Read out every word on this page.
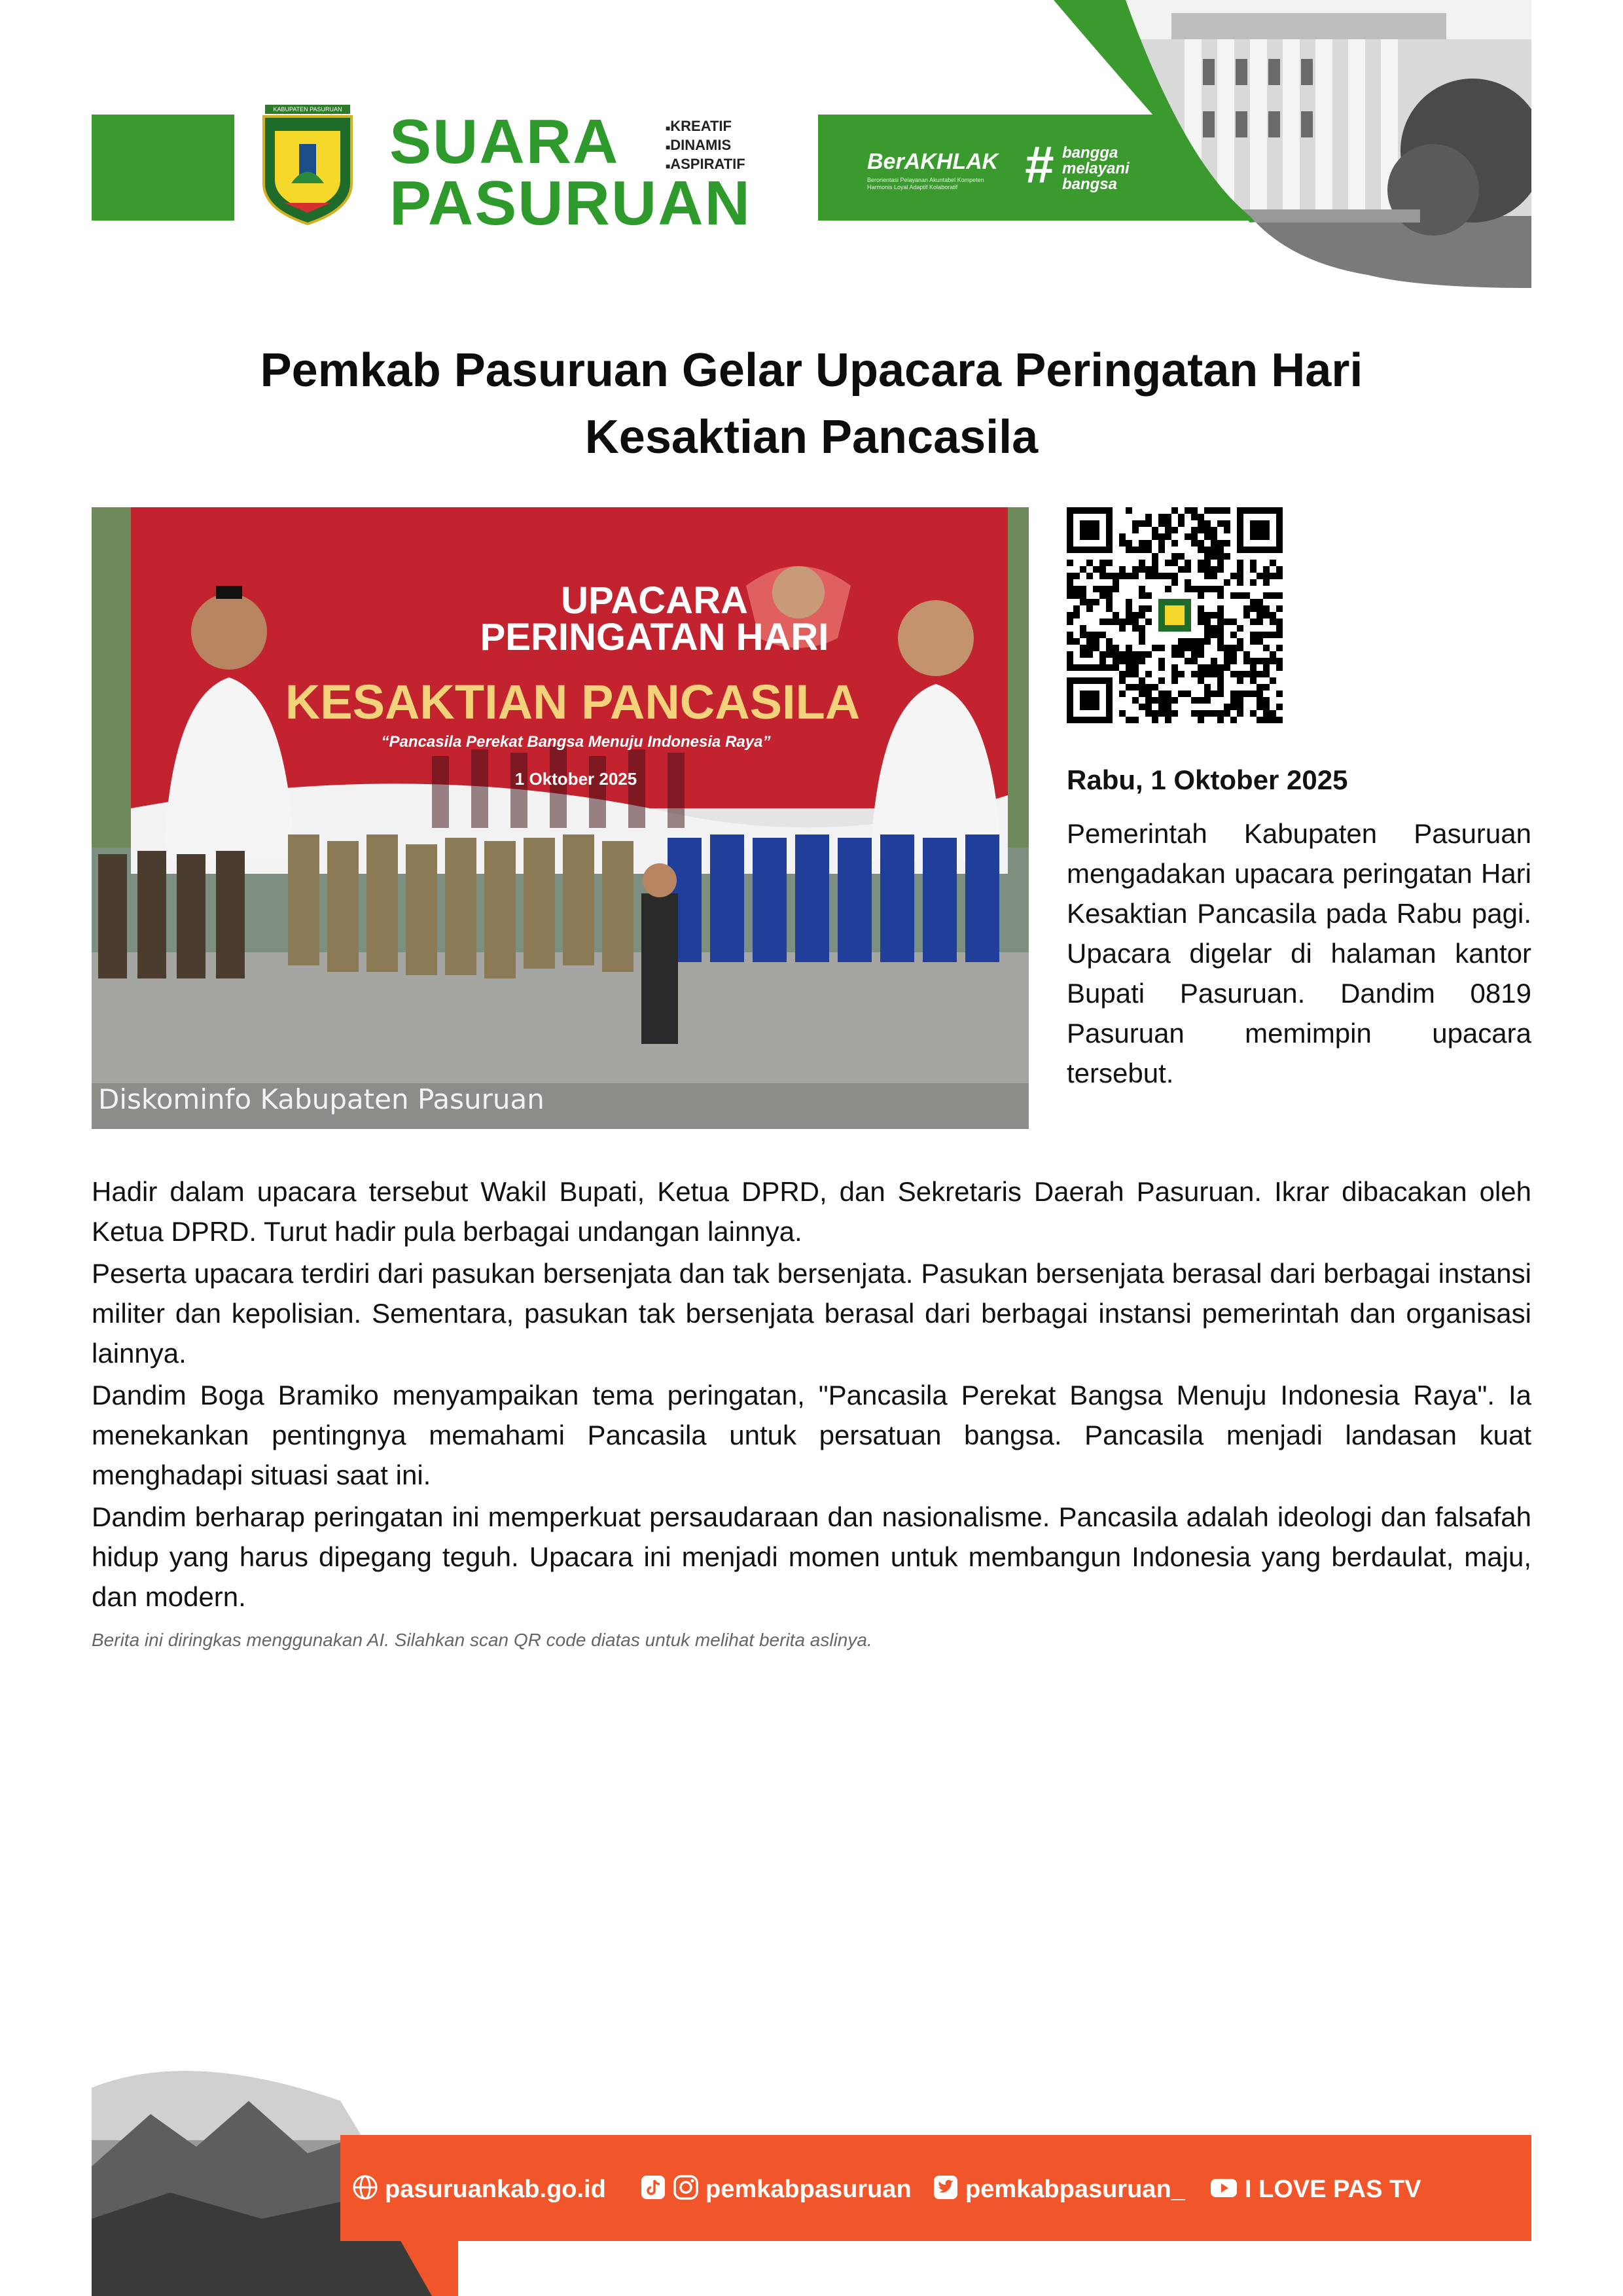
KABUPATEN PASURUAN SUARA
PASURUAN
■ KREATIF
■ DINAMIS
■ ASPIRATIF	BerAKHLAK
Berorientasi Pelayanan Akuntabel Kompeten Harmonis Loyal Adaptif Kolaboratif	# bangga
melayani
bangsa
Pemkab Pasuruan Gelar Upacara Peringatan Hari
Kesaktian Pancasila
UPACARA
PERINGATAN HARI
KESAKTIAN PANCASILA
“Pancasila Perekat Bangsa Menuju Indonesia Raya”
1 Oktober 2025
Diskominfo Kabupaten Pasuruan
Rabu, 1 Oktober 2025
Pemerintah Kabupaten Pasuruan mengadakan upacara peringatan Hari Kesaktian Pancasila pada Rabu pagi. Upacara digelar di halaman kantor Bupati Pasuruan. Dandim 0819 Pasuruan memimpin upacara tersebut.

Hadir dalam upacara tersebut Wakil Bupati, Ketua DPRD, dan Sekretaris Daerah Pasuruan. Ikrar dibacakan oleh Ketua DPRD. Turut hadir pula berbagai undangan lainnya.

Peserta upacara terdiri dari pasukan bersenjata dan tak bersenjata. Pasukan bersenjata berasal dari berbagai instansi militer dan kepolisian. Sementara, pasukan tak bersenjata berasal dari berbagai instansi pemerintah dan organisasi lainnya.

Dandim Boga Bramiko menyampaikan tema peringatan, "Pancasila Perekat Bangsa Menuju Indonesia Raya". Ia menekankan pentingnya memahami Pancasila untuk persatuan bangsa. Pancasila menjadi landasan kuat menghadapi situasi saat ini.

Dandim berharap peringatan ini memperkuat persaudaraan dan nasionalisme. Pancasila adalah ideologi dan falsafah hidup yang harus dipegang teguh. Upacara ini menjadi momen untuk membangun Indonesia yang berdaulat, maju, dan modern.

Berita ini diringkas menggunakan AI. Silahkan scan QR code diatas untuk melihat berita aslinya.
pasuruankab.go.id	pemkabpasuruan	pemkabpasuruan_	I LOVE PAS TV
